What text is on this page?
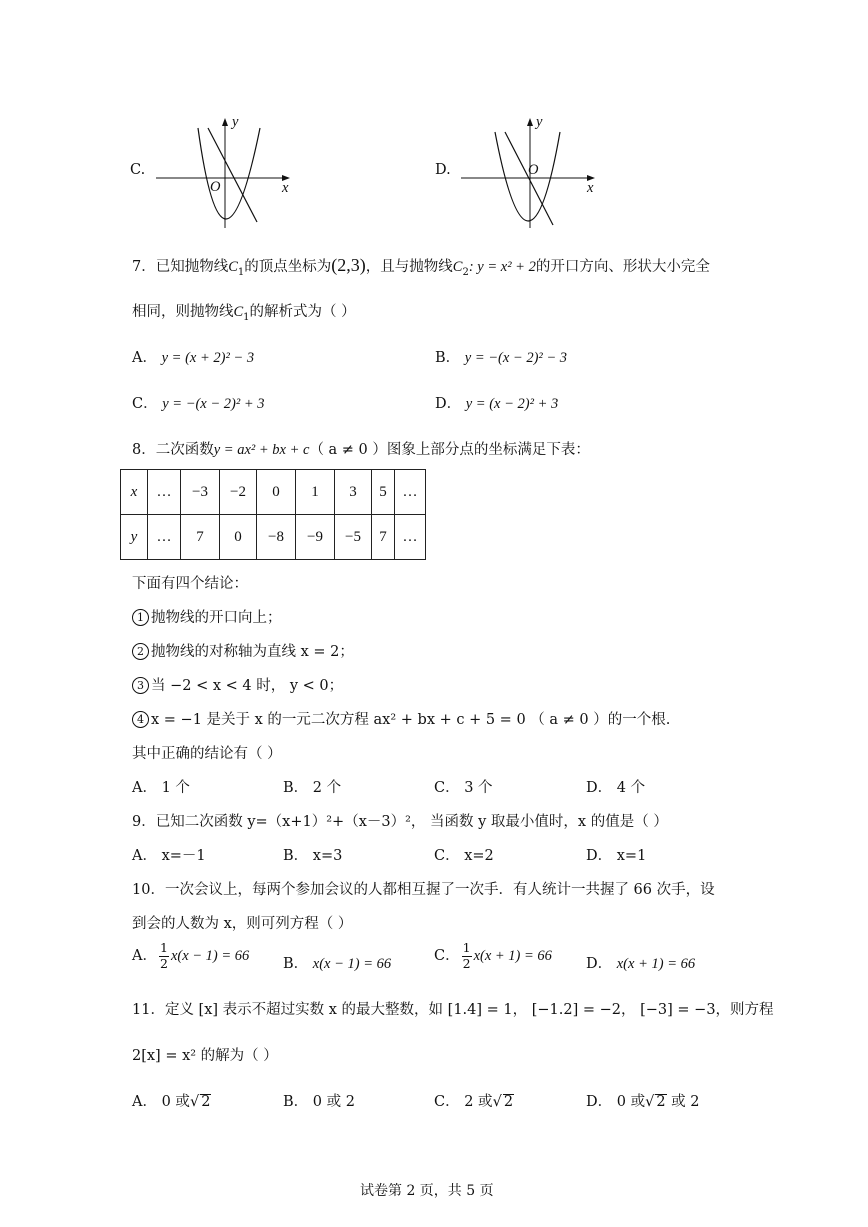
C.
y
x
O
D.
y
x
O
7．已知抛物线$C_1$的顶点坐标为(2,3)，且与抛物线$C_2$: y = x² + 2的开口方向、形状大小完全
相同，则抛物线$C_1$的解析式为（ ）
A． y = (x + 2)² − 3	B． y = −(x − 2)² − 3
C． y = −(x − 2)² + 3	D． y = (x − 2)² + 3
8．二次函数y = ax² + bx + c（ a ≠ 0 ）图象上部分点的坐标满足下表：
x	…	−3	−2	0	1	3	5	…
y	…	7	0	−8	−9	−5	7	…
下面有四个结论：
1 抛物线的开口向上；
2 抛物线的对称轴为直线 x = 2；
3 当 −2 < x < 4 时， y < 0；
4 x = −1 是关于 x 的一元二次方程 ax² + bx + c + 5 = 0 （ a ≠ 0 ）的一个根.
其中正确的结论有（ ）
A． 1 个	B． 2 个	C． 3 个	D． 4 个
9．已知二次函数 y=（x+1）²+（x－3）²， 当函数 y 取最小值时，x 的值是（ ）
A． x=－1	B． x=3	C． x=2	D． x=1
10．一次会议上，每两个参加会议的人都相互握了一次手．有人统计一共握了 66 次手，设
到会的人数为 x，则可列方程（ ）
A． $\frac{1}{2} x(x - 1) = 66$ B． x(x − 1) = 66	C． $\frac{1}{2} x(x + 1) = 66$ D． x(x + 1) = 66
11．定义 [x] 表示不超过实数 x 的最大整数，如 [1.4] = 1， [−1.2] = −2， [−3] = −3，则方程
2[x] = x² 的解为（ ）
A． 0 或√ 2	B． 0 或 2	C． 2 或√ 2	D． 0 或√ 2 或 2
试卷第 2 页，共 5 页
